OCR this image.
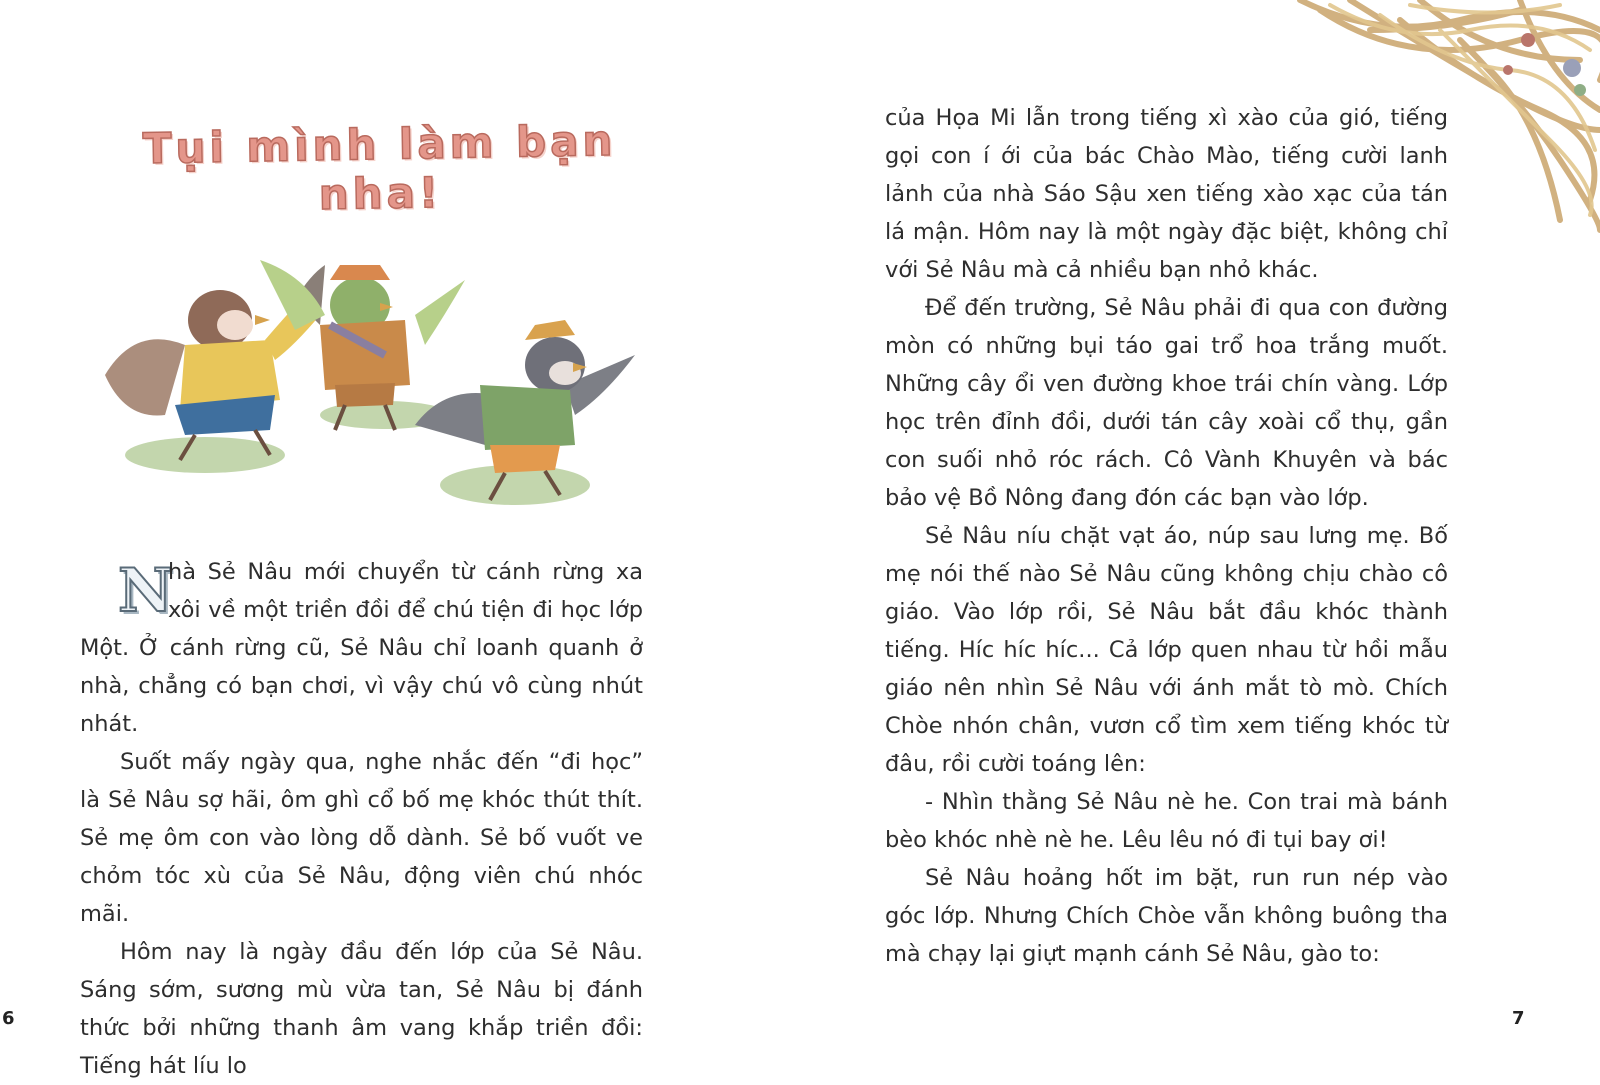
Tụi mình làm bạn nha!

N
hà Sẻ Nâu mới chuyển từ cánh rừng xa xôi về một triền đồi để chú tiện đi học lớp Một. Ở cánh rừng cũ, Sẻ Nâu chỉ loanh quanh ở nhà, chẳng có bạn chơi, vì vậy chú vô cùng nhút nhát.

Suốt mấy ngày qua, nghe nhắc đến “đi học” là Sẻ Nâu sợ hãi, ôm ghì cổ bố mẹ khóc thút thít. Sẻ mẹ ôm con vào lòng dỗ dành. Sẻ bố vuốt ve chỏm tóc xù của Sẻ Nâu, động viên chú nhóc mãi.

Hôm nay là ngày đầu đến lớp của Sẻ Nâu. Sáng sớm, sương mù vừa tan, Sẻ Nâu bị đánh thức bởi những thanh âm vang khắp triền đồi: Tiếng hát líu lo

của Họa Mi lẫn trong tiếng xì xào của gió, tiếng gọi con í ới của bác Chào Mào, tiếng cười lanh lảnh của nhà Sáo Sậu xen tiếng xào xạc của tán lá mận. Hôm nay là một ngày đặc biệt, không chỉ với Sẻ Nâu mà cả nhiều bạn nhỏ khác.

Để đến trường, Sẻ Nâu phải đi qua con đường mòn có những bụi táo gai trổ hoa trắng muốt. Những cây ổi ven đường khoe trái chín vàng. Lớp học trên đỉnh đồi, dưới tán cây xoài cổ thụ, gần con suối nhỏ róc rách. Cô Vành Khuyên và bác bảo vệ Bồ Nông đang đón các bạn vào lớp.

Sẻ Nâu níu chặt vạt áo, núp sau lưng mẹ. Bố mẹ nói thế nào Sẻ Nâu cũng không chịu chào cô giáo. Vào lớp rồi, Sẻ Nâu bắt đầu khóc thành tiếng. Híc híc híc... Cả lớp quen nhau từ hồi mẫu giáo nên nhìn Sẻ Nâu với ánh mắt tò mò. Chích Chòe nhón chân, vươn cổ tìm xem tiếng khóc từ đâu, rồi cười toáng lên:

- Nhìn thằng Sẻ Nâu nè he. Con trai mà bánh bèo khóc nhè nè he. Lêu lêu nó đi tụi bay ơi!

Sẻ Nâu hoảng hốt im bặt, run run nép vào góc lớp. Nhưng Chích Chòe vẫn không buông tha mà chạy lại giựt mạnh cánh Sẻ Nâu, gào to:

6	7
